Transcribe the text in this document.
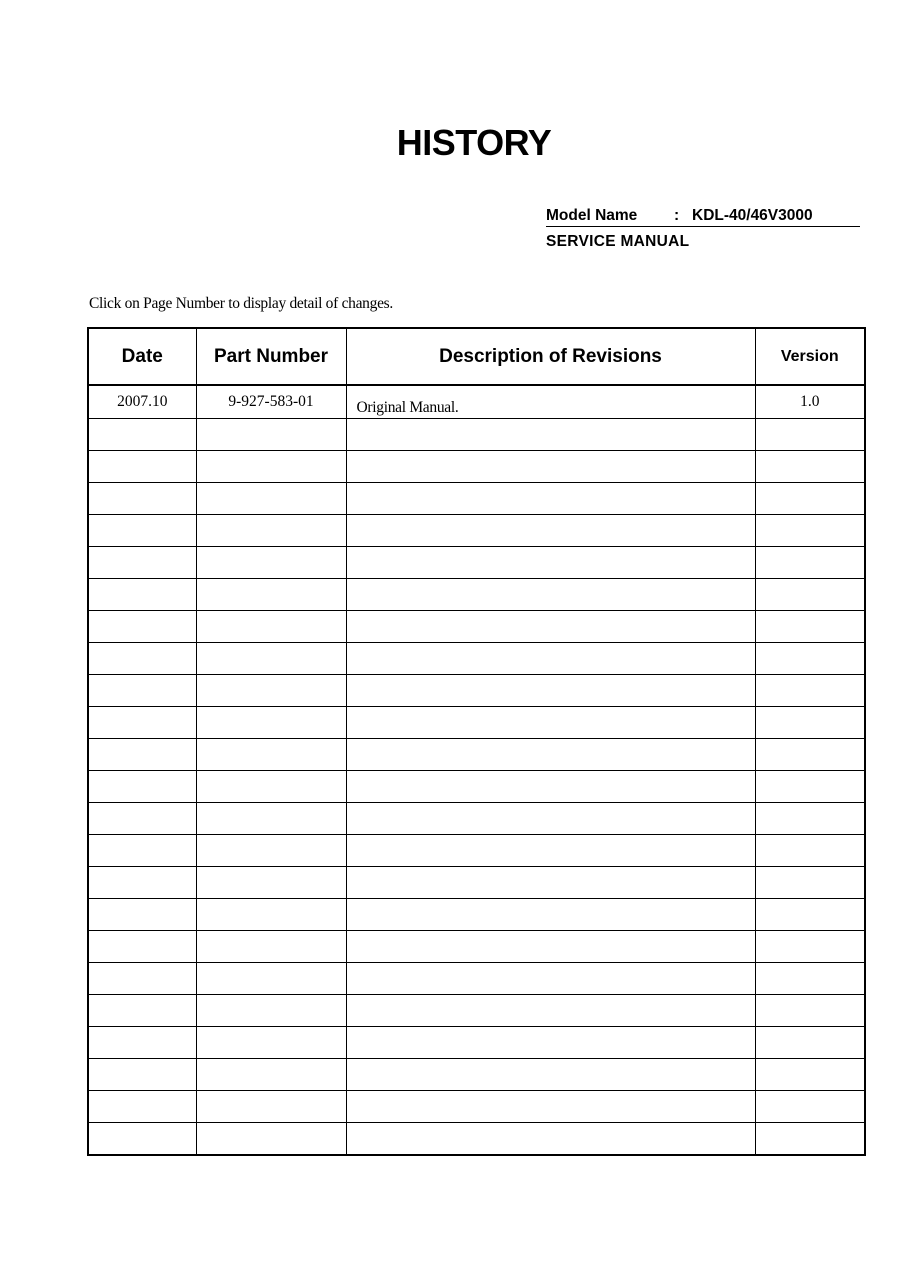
HISTORY
Model Name : KDL-40/46V3000
SERVICE MANUAL
Click on Page Number to display detail of changes.
Date	Part Number	Description of Revisions	Version
2007.10	9-927-583-01	Original Manual.	1.0
